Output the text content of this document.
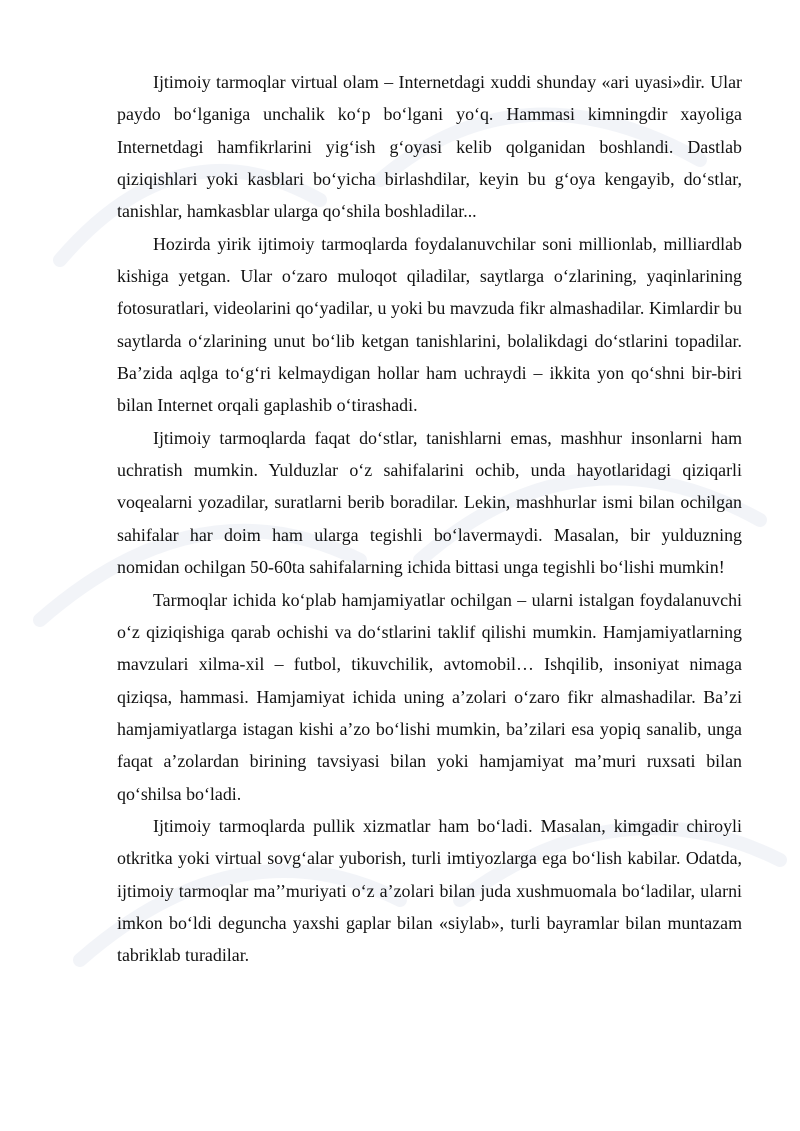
Ijtimoiy tarmoqlar virtual olam – Internetdagi xuddi shunday «ari uyasi»dir. Ular paydo bo‘lganiga unchalik ko‘p bo‘lgani yo‘q. Hammasi kimningdir xayoliga Internetdagi hamfikrlarini yig‘ish g‘oyasi kelib qolganidan boshlandi. Dastlab qiziqishlari yoki kasblari bo‘yicha birlashdilar, keyin bu g‘oya kengayib, do‘stlar, tanishlar, hamkasblar ularga qo‘shila boshladilar...

Hozirda yirik ijtimoiy tarmoqlarda foydalanuvchilar soni millionlab, milliardlab kishiga yetgan. Ular o‘zaro muloqot qiladilar, saytlarga o‘zlarining, yaqinlarining fotosuratlari, videolarini qo‘yadilar, u yoki bu mavzuda fikr almashadilar. Kimlardir bu saytlarda o‘zlarining unut bo‘lib ketgan tanishlarini, bolalikdagi do‘stlarini topadilar. Ba’zida aqlga to‘g‘ri kelmaydigan hollar ham uchraydi – ikkita yon qo‘shni bir-biri bilan Internet orqali gaplashib o‘tirashadi.

Ijtimoiy tarmoqlarda faqat do‘stlar, tanishlarni emas, mashhur insonlarni ham uchratish mumkin. Yulduzlar o‘z sahifalarini ochib, unda hayotlaridagi qiziqarli voqealarni yozadilar, suratlarni berib boradilar. Lekin, mashhurlar ismi bilan ochilgan sahifalar har doim ham ularga tegishli bo‘lavermaydi. Masalan, bir yulduzning nomidan ochilgan 50-60ta sahifalarning ichida bittasi unga tegishli bo‘lishi mumkin!

Tarmoqlar ichida ko‘plab hamjamiyatlar ochilgan – ularni istalgan foydalanuvchi o‘z qiziqishiga qarab ochishi va do‘stlarini taklif qilishi mumkin. Hamjamiyatlarning mavzulari xilma-xil – futbol, tikuvchilik, avtomobil… Ishqilib, insoniyat nimaga qiziqsa, hammasi. Hamjamiyat ichida uning a’zolari o‘zaro fikr almashadilar. Ba’zi hamjamiyatlarga istagan kishi a’zo bo‘lishi mumkin, ba’zilari esa yopiq sanalib, unga faqat a’zolardan birining tavsiyasi bilan yoki hamjamiyat ma’muri ruxsati bilan qo‘shilsa bo‘ladi.

Ijtimoiy tarmoqlarda pullik xizmatlar ham bo‘ladi. Masalan, kimgadir chiroyli otkritka yoki virtual sovg‘alar yuborish, turli imtiyozlarga ega bo‘lish kabilar. Odatda, ijtimoiy tarmoqlar ma’’muriyati o‘z a’zolari bilan juda xushmuomala bo‘ladilar, ularni imkon bo‘ldi deguncha yaxshi gaplar bilan «siylab», turli bayramlar bilan muntazam tabriklab turadilar.
